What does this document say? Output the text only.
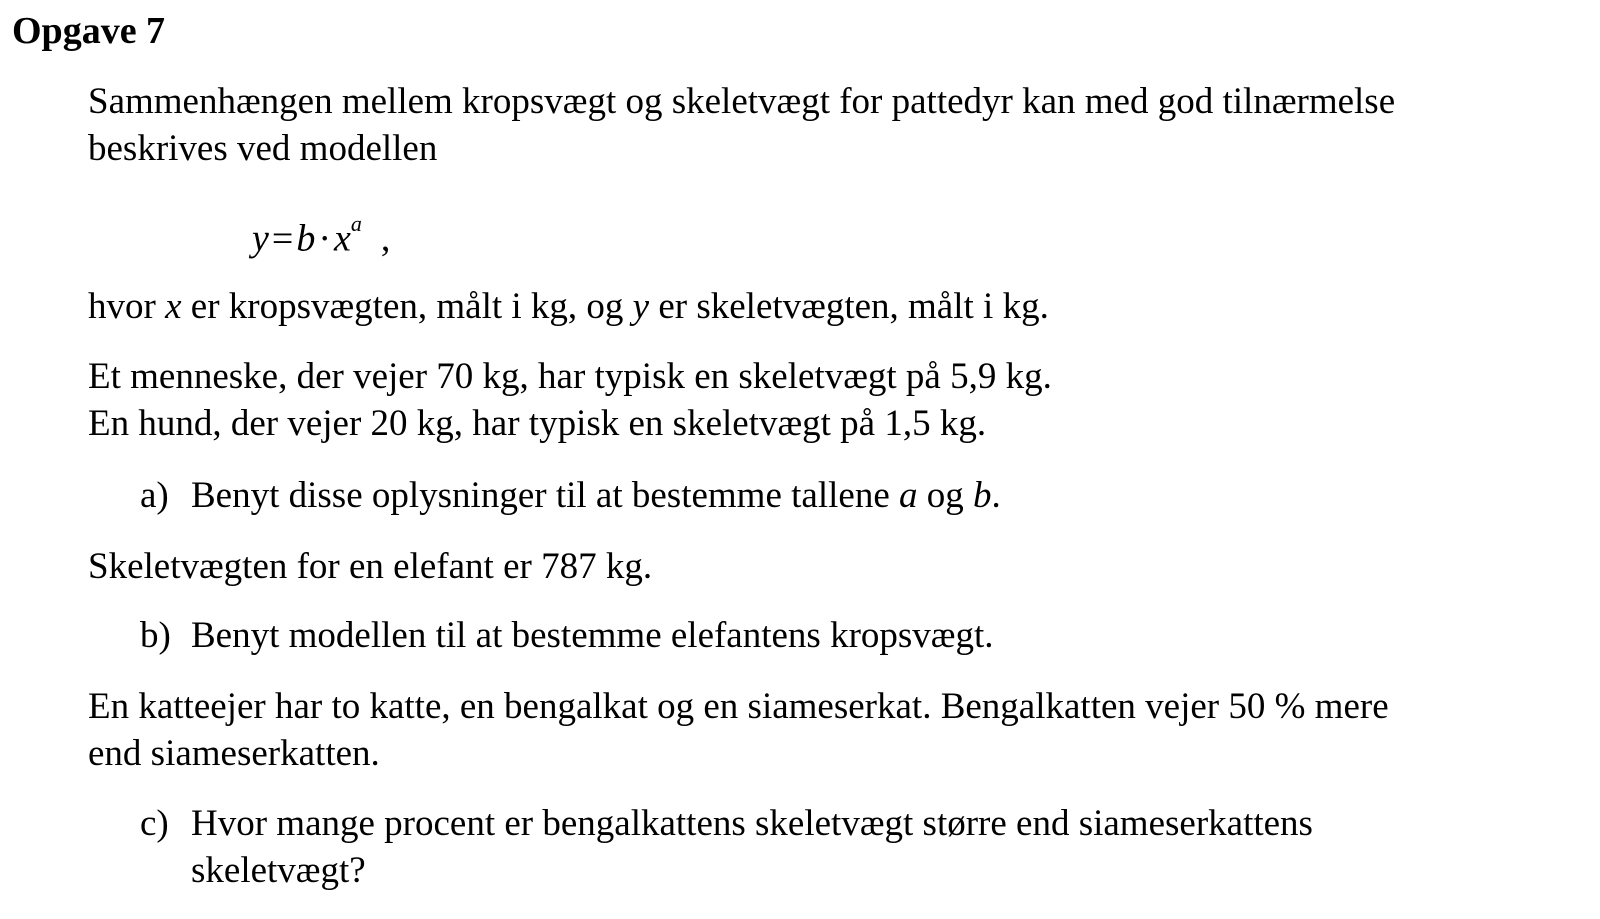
Opgave 7
Sammenhængen mellem kropsvægt og skeletvægt for pattedyr kan med god tilnærmelse
beskrives ved modellen
$y=b\cdot x^a$ ,
hvor x er kropsvægten, målt i kg, og y er skeletvægten, målt i kg.
Et menneske, der vejer 70 kg, har typisk en skeletvægt på 5,9 kg.
En hund, der vejer 20 kg, har typisk en skeletvægt på 1,5 kg.
a) Benyt disse oplysninger til at bestemme tallene a og b.
Skeletvægten for en elefant er 787 kg.
b) Benyt modellen til at bestemme elefantens kropsvægt.
En katteejer har to katte, en bengalkat og en siameserkat. Bengalkatten vejer 50 % mere
end siameserkatten.
c) Hvor mange procent er bengalkattens skeletvægt større end siameserkattens
skeletvægt?
